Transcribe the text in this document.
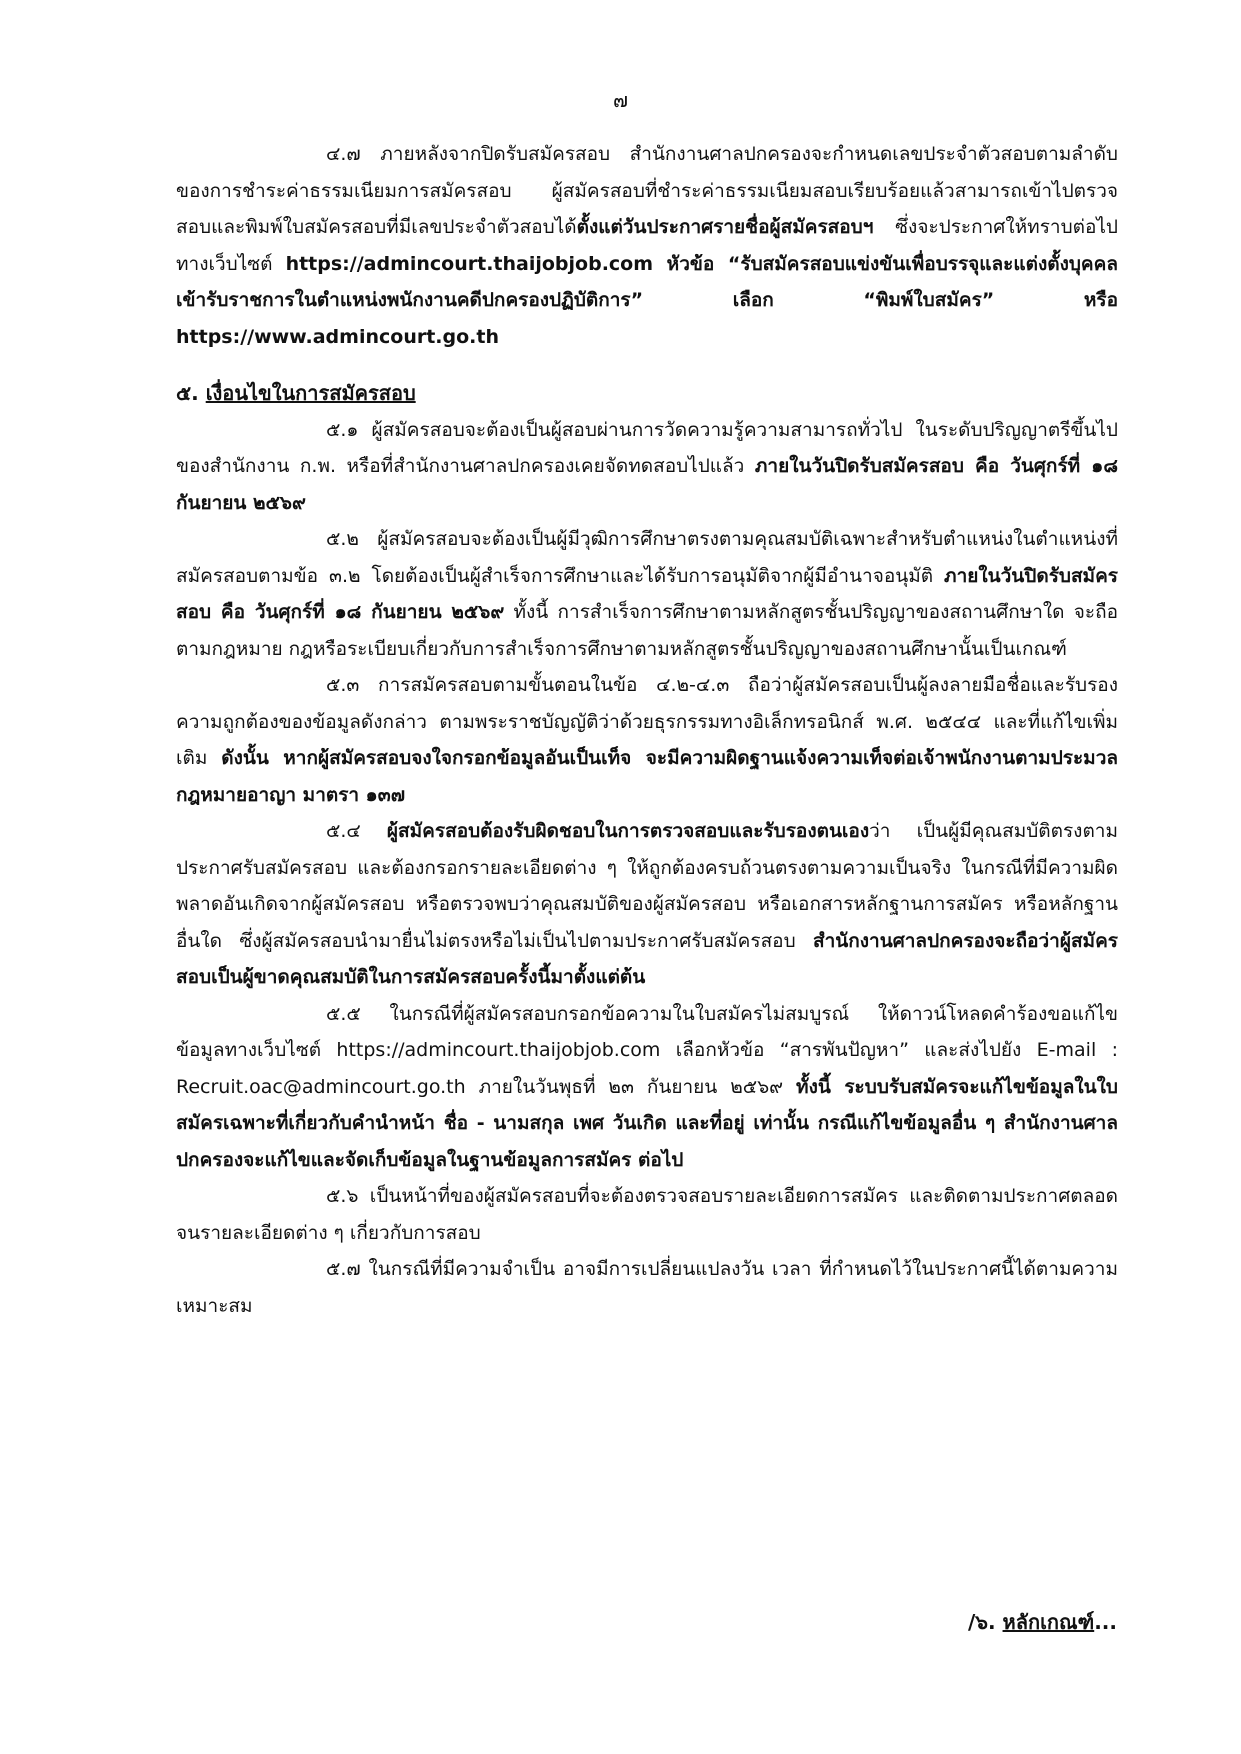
๗

๔.๗ ภายหลังจากปิดรับสมัครสอบ สำนักงานศาลปกครองจะกำหนดเลขประจำตัวสอบตามลำดับของการชำระค่าธรรมเนียมการสมัครสอบ ผู้สมัครสอบที่ชำระค่าธรรมเนียมสอบเรียบร้อยแล้วสามารถเข้าไปตรวจสอบและพิมพ์ใบสมัครสอบที่มีเลขประจำตัวสอบได้ตั้งแต่วันประกาศรายชื่อผู้สมัครสอบฯ ซึ่งจะประกาศให้ทราบต่อไป ทางเว็บไซต์ https://admincourt.thaijobjob.com หัวข้อ “รับสมัครสอบแข่งขันเพื่อบรรจุและแต่งตั้งบุคคลเข้ารับราชการในตำแหน่งพนักงานคดีปกครองปฏิบัติการ” เลือก “พิมพ์ใบสมัคร” หรือ https://www.admincourt.go.th

๕. เงื่อนไขในการสมัครสอบ

๕.๑ ผู้สมัครสอบจะต้องเป็นผู้สอบผ่านการวัดความรู้ความสามารถทั่วไป ในระดับปริญญาตรีขึ้นไปของสำนักงาน ก.พ. หรือที่สำนักงานศาลปกครองเคยจัดทดสอบไปแล้ว ภายในวันปิดรับสมัครสอบ คือ วันศุกร์ที่ ๑๘ กันยายน ๒๕๖๙

๕.๒ ผู้สมัครสอบจะต้องเป็นผู้มีวุฒิการศึกษาตรงตามคุณสมบัติเฉพาะสำหรับตำแหน่งในตำแหน่งที่สมัครสอบตามข้อ ๓.๒ โดยต้องเป็นผู้สำเร็จการศึกษาและได้รับการอนุมัติจากผู้มีอำนาจอนุมัติ ภายในวันปิดรับสมัครสอบ คือ วันศุกร์ที่ ๑๘ กันยายน ๒๕๖๙ ทั้งนี้ การสำเร็จการศึกษาตามหลักสูตรชั้นปริญญาของสถานศึกษาใด จะถือตามกฎหมาย กฎหรือระเบียบเกี่ยวกับการสำเร็จการศึกษาตามหลักสูตรชั้นปริญญาของสถานศึกษานั้นเป็นเกณฑ์

๕.๓ การสมัครสอบตามขั้นตอนในข้อ ๔.๒-๔.๓ ถือว่าผู้สมัครสอบเป็นผู้ลงลายมือชื่อและรับรองความถูกต้องของข้อมูลดังกล่าว ตามพระราชบัญญัติว่าด้วยธุรกรรมทางอิเล็กทรอนิกส์ พ.ศ. ๒๕๔๔ และที่แก้ไขเพิ่มเติม ดังนั้น หากผู้สมัครสอบจงใจกรอกข้อมูลอันเป็นเท็จ จะมีความผิดฐานแจ้งความเท็จต่อเจ้าพนักงานตามประมวลกฎหมายอาญา มาตรา ๑๓๗

๕.๔ ผู้สมัครสอบต้องรับผิดชอบในการตรวจสอบและรับรองตนเองว่า เป็นผู้มีคุณสมบัติตรงตามประกาศรับสมัครสอบ และต้องกรอกรายละเอียดต่าง ๆ ให้ถูกต้องครบถ้วนตรงตามความเป็นจริง ในกรณีที่มีความผิดพลาดอันเกิดจากผู้สมัครสอบ หรือตรวจพบว่าคุณสมบัติของผู้สมัครสอบ หรือเอกสารหลักฐานการสมัคร หรือหลักฐานอื่นใด ซึ่งผู้สมัครสอบนำมายื่นไม่ตรงหรือไม่เป็นไปตามประกาศรับสมัครสอบ สำนักงานศาลปกครองจะถือว่าผู้สมัครสอบเป็นผู้ขาดคุณสมบัติในการสมัครสอบครั้งนี้มาตั้งแต่ต้น

๕.๕ ในกรณีที่ผู้สมัครสอบกรอกข้อความในใบสมัครไม่สมบูรณ์ ให้ดาวน์โหลดคำร้องขอแก้ไขข้อมูลทางเว็บไซต์ https://admincourt.thaijobjob.com เลือกหัวข้อ “สารพันปัญหา” และส่งไปยัง E-mail : Recruit.oac@admincourt.go.th ภายในวันพุธที่ ๒๓ กันยายน ๒๕๖๙ ทั้งนี้ ระบบรับสมัครจะแก้ไขข้อมูลในใบสมัครเฉพาะที่เกี่ยวกับคำนำหน้า ชื่อ - นามสกุล เพศ วันเกิด และที่อยู่ เท่านั้น กรณีแก้ไขข้อมูลอื่น ๆ สำนักงานศาลปกครองจะแก้ไขและจัดเก็บข้อมูลในฐานข้อมูลการสมัคร ต่อไป

๕.๖ เป็นหน้าที่ของผู้สมัครสอบที่จะต้องตรวจสอบรายละเอียดการสมัคร และติดตามประกาศตลอดจนรายละเอียดต่าง ๆ เกี่ยวกับการสอบ

๕.๗ ในกรณีที่มีความจำเป็น อาจมีการเปลี่ยนแปลงวัน เวลา ที่กำหนดไว้ในประกาศนี้ได้ตามความเหมาะสม

/๖. หลักเกณฑ์...
